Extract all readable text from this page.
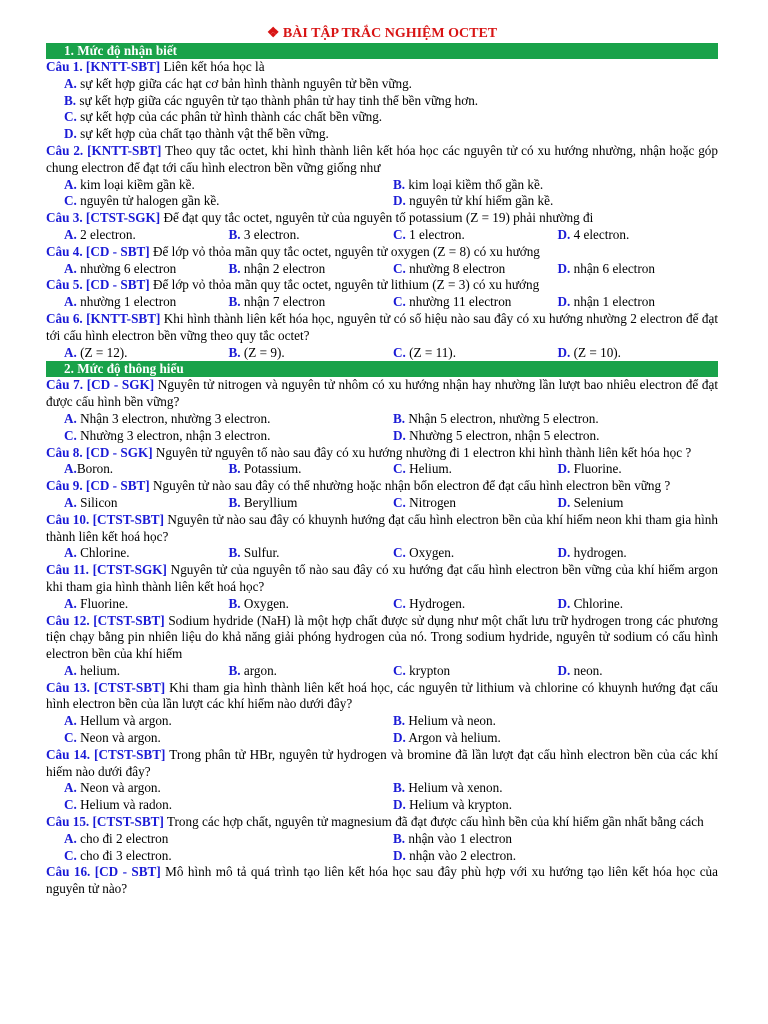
❖ BÀI TẬP TRẮC NGHIỆM OCTET
1. Mức độ nhận biết
Câu 1. [KNTT-SBT] Liên kết hóa học là
A. sự kết hợp giữa các hạt cơ bản hình thành nguyên tử bền vững.
B. sự kết hợp giữa các nguyên tử tạo thành phân tử hay tinh thể bền vững hơn.
C. sự kết hợp của các phân tử hình thành các chất bền vững.
D. sự kết hợp của chất tạo thành vật thể bền vững.
Câu 2. [KNTT-SBT] Theo quy tắc octet, khi hình thành liên kết hóa học các nguyên tử có xu hướng nhường, nhận hoặc góp chung electron để đạt tới cấu hình electron bền vững giống như
A. kim loại kiềm gần kề.	B. kim loại kiềm thổ gần kề.
C. nguyên tử halogen gần kề.	D. nguyên tử khí hiếm gần kề.
Câu 3. [CTST-SGK] Để đạt quy tắc octet, nguyên tử của nguyên tố potassium (Z = 19) phải nhường đi
A. 2 electron.	B. 3 electron.	C. 1 electron.	D. 4 electron.
Câu 4. [CD - SBT] Để lớp vỏ thỏa mãn quy tắc octet, nguyên tử oxygen (Z = 8) có xu hướng
A. nhường 6 electron	B. nhận 2 electron	C. nhường 8 electron	D. nhận 6 electron
Câu 5. [CD - SBT] Để lớp vỏ thỏa mãn quy tắc octet, nguyên tử lithium (Z = 3) có xu hướng
A. nhường 1 electron	B. nhận 7 electron	C. nhường 11 electron	D. nhận 1 electron
Câu 6. [KNTT-SBT] Khi hình thành liên kết hóa học, nguyên tử có số hiệu nào sau đây có xu hướng nhường 2 electron để đạt tới cấu hình electron bền vững theo quy tắc octet?
A. (Z = 12).	B. (Z = 9).	C. (Z = 11).	D. (Z = 10).
2. Mức độ thông hiểu
Câu 7. [CD - SGK] Nguyên tử nitrogen và nguyên tử nhôm có xu hướng nhận hay nhường lần lượt bao nhiêu electron để đạt được cấu hình bền vững?
A. Nhận 3 electron, nhường 3 electron.	B. Nhận 5 electron, nhường 5 electron.
C. Nhường 3 electron, nhận 3 electron.	D. Nhường 5 electron, nhận 5 electron.
Câu 8. [CD - SGK] Nguyên tử nguyên tố nào sau đây có xu hướng nhường đi 1 electron khi hình thành liên kết hóa học ?
A.Boron.	B. Potassium.	C. Helium.	D. Fluorine.
Câu 9. [CD - SBT] Nguyên tử nào sau đây có thể nhường hoặc nhận bốn electron để đạt cấu hình electron bền vững ?
A. Silicon	B. Beryllium	C. Nitrogen	D. Selenium
Câu 10. [CTST-SBT] Nguyên tử nào sau đây có khuynh hướng đạt cấu hình electron bền của khí hiếm neon khi tham gia hình thành liên kết hoá học?
A. Chlorine.	B. Sulfur.	C. Oxygen.	D. hydrogen.
Câu 11. [CTST-SGK] Nguyên tử của nguyên tố nào sau đây có xu hướng đạt cấu hình electron bền vững của khí hiếm argon khi tham gia hình thành liên kết hoá học?
A. Fluorine.	B. Oxygen.	C. Hydrogen.	D. Chlorine.
Câu 12. [CTST-SBT] Sodium hydride (NaH) là một hợp chất được sử dụng như một chất lưu trữ hydrogen trong các phương tiện chạy bằng pin nhiên liệu do khả năng giải phóng hydrogen của nó. Trong sodium hydride, nguyên tử sodium có cấu hình electron bền của khí hiếm
A. helium.	B. argon.	C. krypton	D. neon.
Câu 13. [CTST-SBT] Khi tham gia hình thành liên kết hoá học, các nguyên tử lithium và chlorine có khuynh hướng đạt cấu hình electron bền của lần lượt các khí hiếm nào dưới đây?
A. Hellum và argon.	B. Helium và neon.
C. Neon và argon.	D. Argon và helium.
Câu 14. [CTST-SBT] Trong phân tử HBr, nguyên tử hydrogen và bromine đã lần lượt đạt cấu hình electron bền của các khí hiếm nào dưới đây?
A. Neon và argon.	B. Helium và xenon.
C. Helium và radon.	D. Helium và krypton.
Câu 15. [CTST-SBT] Trong các hợp chất, nguyên tử magnesium đã đạt được cấu hình bền của khí hiếm gần nhất bằng cách
A. cho đi 2 electron	B. nhận vào 1 electron
C. cho đi 3 electron.	D. nhận vào 2 electron.
Câu 16. [CD - SBT] Mô hình mô tả quá trình tạo liên kết hóa học sau đây phù hợp với xu hướng tạo liên kết hóa học của nguyên tử nào?
